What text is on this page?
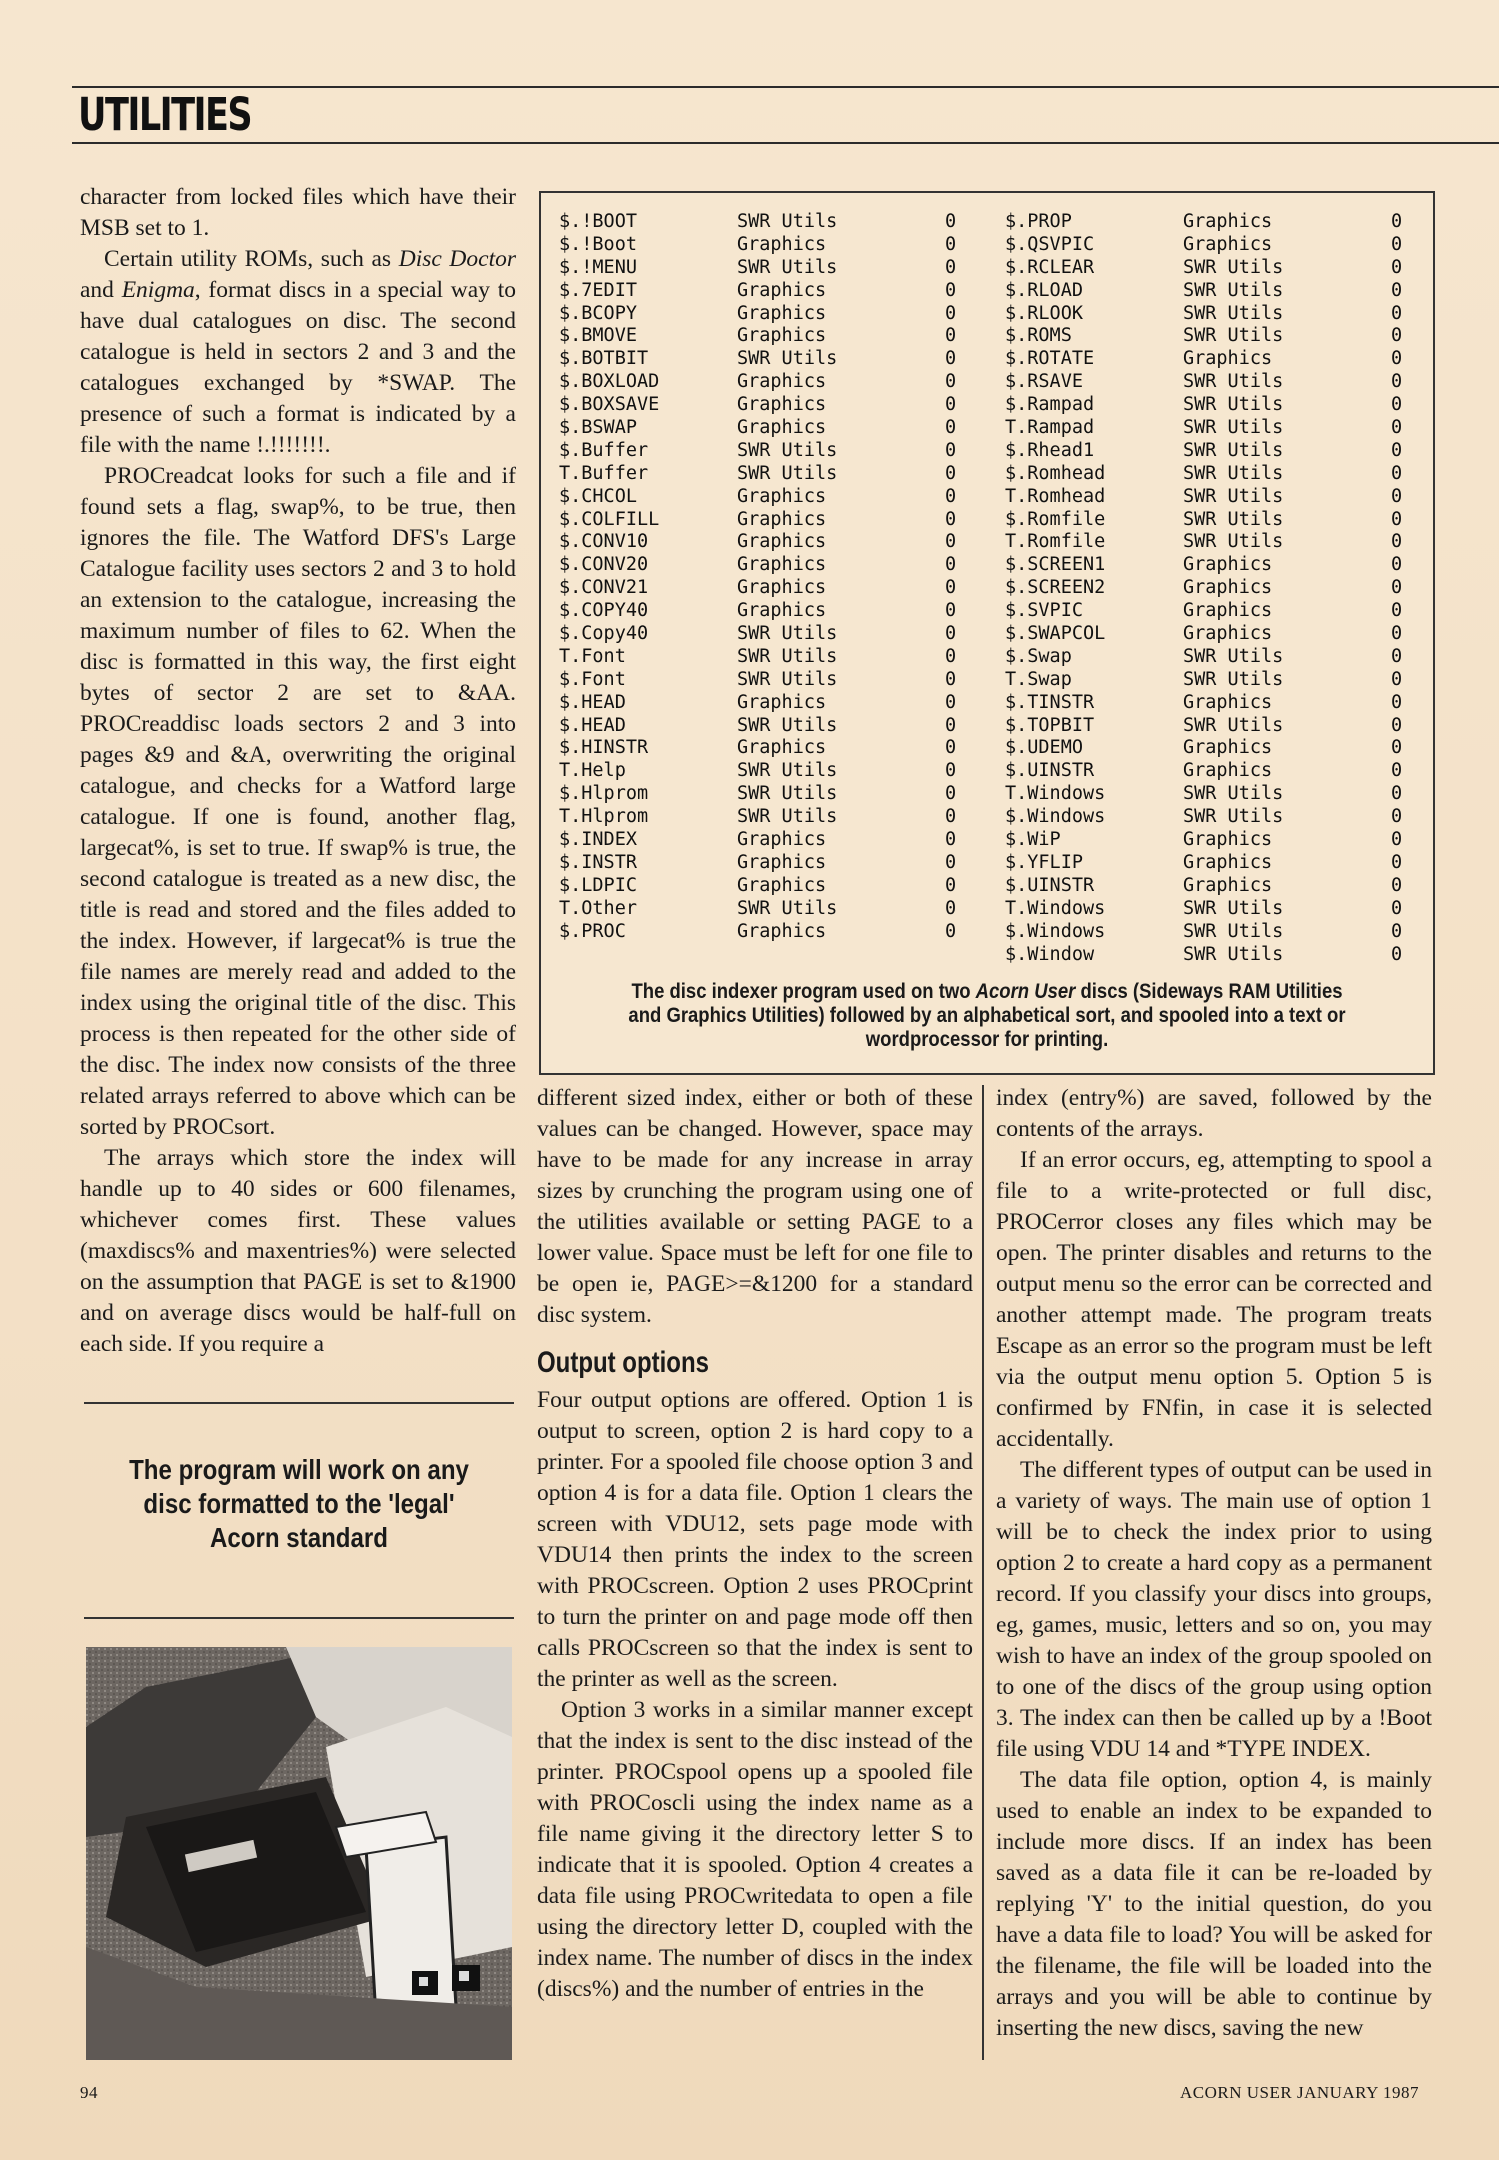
UTILITIES

character from locked files which have their MSB set to 1.

Certain utility ROMs, such as Disc Doctor and Enigma, format discs in a special way to have dual catalogues on disc. The second catalogue is held in sectors 2 and 3 and the catalogues exchanged by *SWAP. The presence of such a format is indicated by a file with the name !.!!!!!!!.

PROCreadcat looks for such a file and if found sets a flag, swap%, to be true, then ignores the file. The Watford DFS's Large Catalogue facility uses sectors 2 and 3 to hold an extension to the catalogue, increasing the maximum number of files to 62. When the disc is formatted in this way, the first eight bytes of sector 2 are set to &AA. PROCreaddisc loads sectors 2 and 3 into pages &9 and &A, overwriting the original catalogue, and checks for a Watford large catalogue. If one is found, another flag, largecat%, is set to true. If swap% is true, the second catalogue is treated as a new disc, the title is read and stored and the files added to the index. However, if largecat% is true the file names are merely read and added to the index using the original title of the disc. This process is then repeated for the other side of the disc. The index now consists of the three related arrays referred to above which can be sorted by PROCsort.

The arrays which store the index will handle up to 40 sides or 600 filenames, whichever comes first. These values (maxdiscs% and maxentries%) were selected on the assumption that PAGE is set to &1900 and on average discs would be half-full on each side. If you require a

The program will work on any disc formatted to the 'legal' Acorn standard
$.!BOOT	SWR Utils	0
$.!Boot	Graphics	0
$.!MENU	SWR Utils	0
$.7EDIT	Graphics	0
$.BCOPY	Graphics	0
$.BMOVE	Graphics	0
$.BOTBIT	SWR Utils	0
$.BOXLOAD	Graphics	0
$.BOXSAVE	Graphics	0
$.BSWAP	Graphics	0
$.Buffer	SWR Utils	0
T.Buffer	SWR Utils	0
$.CHCOL	Graphics	0
$.COLFILL	Graphics	0
$.CONV10	Graphics	0
$.CONV20	Graphics	0
$.CONV21	Graphics	0
$.COPY40	Graphics	0
$.Copy40	SWR Utils	0
T.Font	SWR Utils	0
$.Font	SWR Utils	0
$.HEAD	Graphics	0
$.HEAD	SWR Utils	0
$.HINSTR	Graphics	0
T.Help	SWR Utils	0
$.Hlprom	SWR Utils	0
T.Hlprom	SWR Utils	0
$.INDEX	Graphics	0
$.INSTR	Graphics	0
$.LDPIC	Graphics	0
T.Other	SWR Utils	0
$.PROC	Graphics	0
$.PROP	Graphics	0
$.QSVPIC	Graphics	0
$.RCLEAR	SWR Utils	0
$.RLOAD	SWR Utils	0
$.RLOOK	SWR Utils	0
$.ROMS	SWR Utils	0
$.ROTATE	Graphics	0
$.RSAVE	SWR Utils	0
$.Rampad	SWR Utils	0
T.Rampad	SWR Utils	0
$.Rhead1	SWR Utils	0
$.Romhead	SWR Utils	0
T.Romhead	SWR Utils	0
$.Romfile	SWR Utils	0
T.Romfile	SWR Utils	0
$.SCREEN1	Graphics	0
$.SCREEN2	Graphics	0
$.SVPIC	Graphics	0
$.SWAPCOL	Graphics	0
$.Swap	SWR Utils	0
T.Swap	SWR Utils	0
$.TINSTR	Graphics	0
$.TOPBIT	SWR Utils	0
$.UDEMO	Graphics	0
$.UINSTR	Graphics	0
T.Windows	SWR Utils	0
$.Windows	SWR Utils	0
$.WiP	Graphics	0
$.YFLIP	Graphics	0
$.UINSTR	Graphics	0
T.Windows	SWR Utils	0
$.Windows	SWR Utils	0
$.Window	SWR Utils	0
The disc indexer program used on two Acorn User discs (Sideways RAM Utilities and Graphics Utilities) followed by an alphabetical sort, and spooled into a text or wordprocessor for printing.

different sized index, either or both of these values can be changed. However, space may have to be made for any increase in array sizes by crunching the program using one of the utilities available or setting PAGE to a lower value. Space must be left for one file to be open ie, PAGE>=&1200 for a standard disc system.

Output options

Four output options are offered. Option 1 is output to screen, option 2 is hard copy to a printer. For a spooled file choose option 3 and option 4 is for a data file. Option 1 clears the screen with VDU12, sets page mode with VDU14 then prints the index to the screen with PROCscreen. Option 2 uses PROCprint to turn the printer on and page mode off then calls PROCscreen so that the index is sent to the printer as well as the screen.

Option 3 works in a similar manner except that the index is sent to the disc instead of the printer. PROCspool opens up a spooled file with PROCoscli using the index name as a file name giving it the directory letter S to indicate that it is spooled. Option 4 creates a data file using PROCwritedata to open a file using the directory letter D, coupled with the index name. The number of discs in the index (discs%) and the number of entries in the

index (entry%) are saved, followed by the contents of the arrays.

If an error occurs, eg, attempting to spool a file to a write-protected or full disc, PROCerror closes any files which may be open. The printer disables and returns to the output menu so the error can be corrected and another attempt made. The program treats Escape as an error so the program must be left via the output menu option 5. Option 5 is confirmed by FNfin, in case it is selected accidentally.

The different types of output can be used in a variety of ways. The main use of option 1 will be to check the index prior to using option 2 to create a hard copy as a permanent record. If you classify your discs into groups, eg, games, music, letters and so on, you may wish to have an index of the group spooled on to one of the discs of the group using option 3. The index can then be called up by a !Boot file using VDU 14 and *TYPE INDEX.

The data file option, option 4, is mainly used to enable an index to be expanded to include more discs. If an index has been saved as a data file it can be re-loaded by replying 'Y' to the initial question, do you have a data file to load? You will be asked for the filename, the file will be loaded into the arrays and you will be able to continue by inserting the new discs, saving the new

94	ACORN USER JANUARY 1987
